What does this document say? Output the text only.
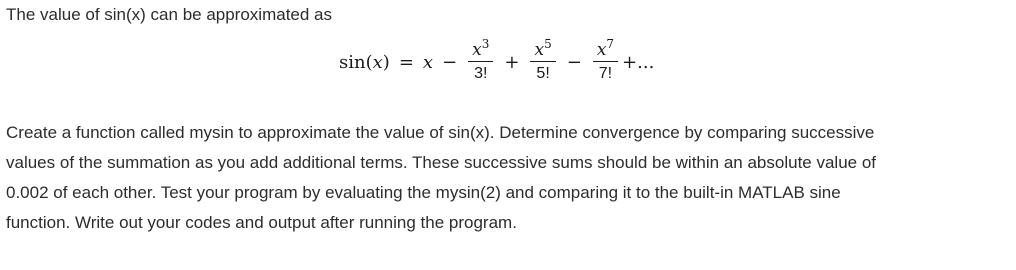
The value of sin(x) can be approximated as
sin ( x ) = $x - \frac{x^3}{3!} + \frac{x^5}{5!} - \frac{x^7}{7!}$ +...
Create a function called mysin to approximate the value of sin(x). Determine convergence by comparing successive
values of the summation as you add additional terms. These successive sums should be within an absolute value of
0.002 of each other. Test your program by evaluating the mysin(2) and comparing it to the built-in MATLAB sine
function. Write out your codes and output after running the program.
